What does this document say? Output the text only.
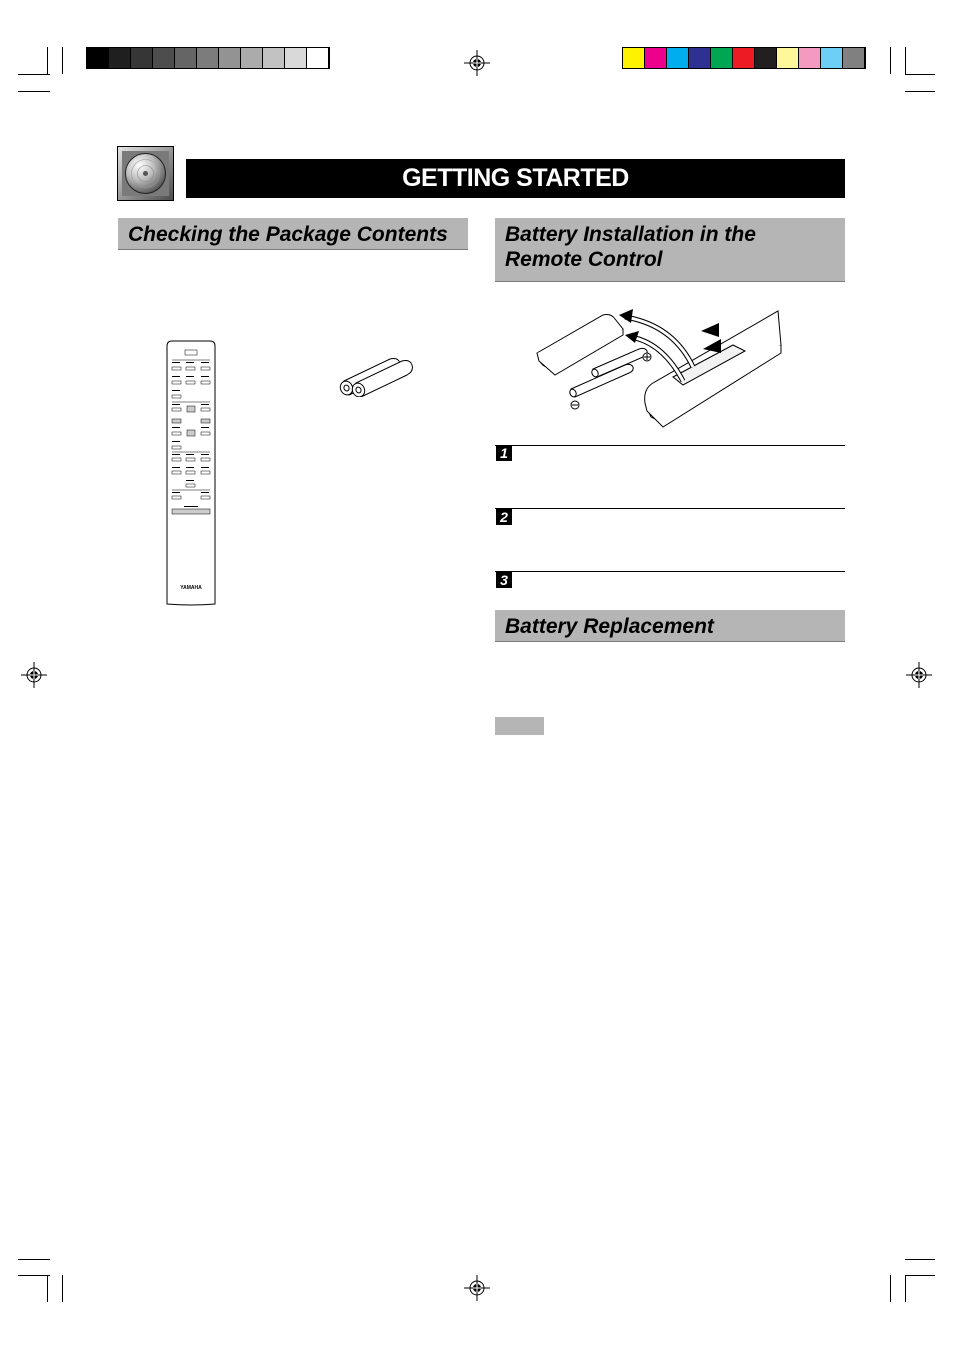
GETTING STARTED
Checking the Package Contents	Battery Installation in the Remote Control
Battery Replacement
YAMAHA
1
2
3
